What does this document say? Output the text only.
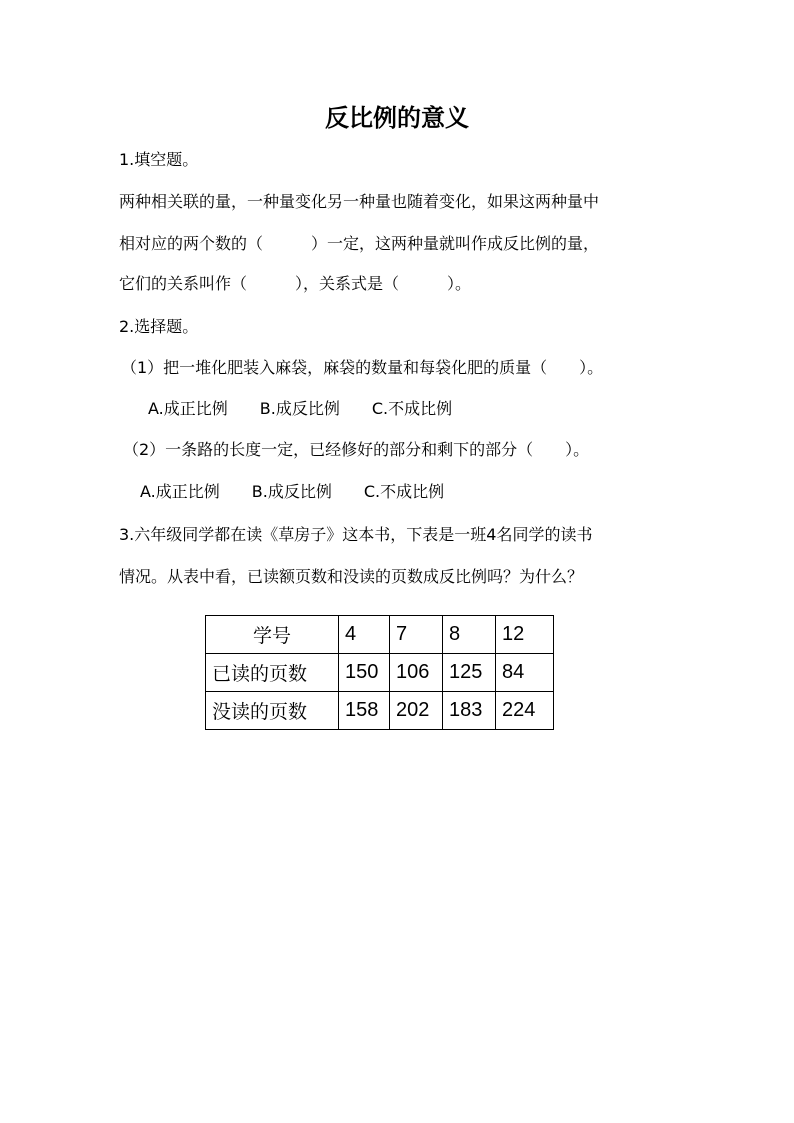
反比例的意义
1.填空题。
两种相关联的量，一种量变化另一种量也随着变化，如果这两种量中
相对应的两个数的（　　　）一定，这两种量就叫作成反比例的量，
它们的关系叫作（　　　），关系式是（　　　）。
2.选择题。
（1）把一堆化肥装入麻袋，麻袋的数量和每袋化肥的质量（　　）。
A.成正比例　　B.成反比例　　C.不成比例
（2）一条路的长度一定，已经修好的部分和剩下的部分（　　）。
A.成正比例　　B.成反比例　　C.不成比例
3.六年级同学都在读《草房子》这本书，下表是一班4名同学的读书
情况。从表中看，已读额页数和没读的页数成反比例吗？为什么？
学号	4	7	8	12
已读的页数	150	106	125	84
没读的页数	158	202	183	224
